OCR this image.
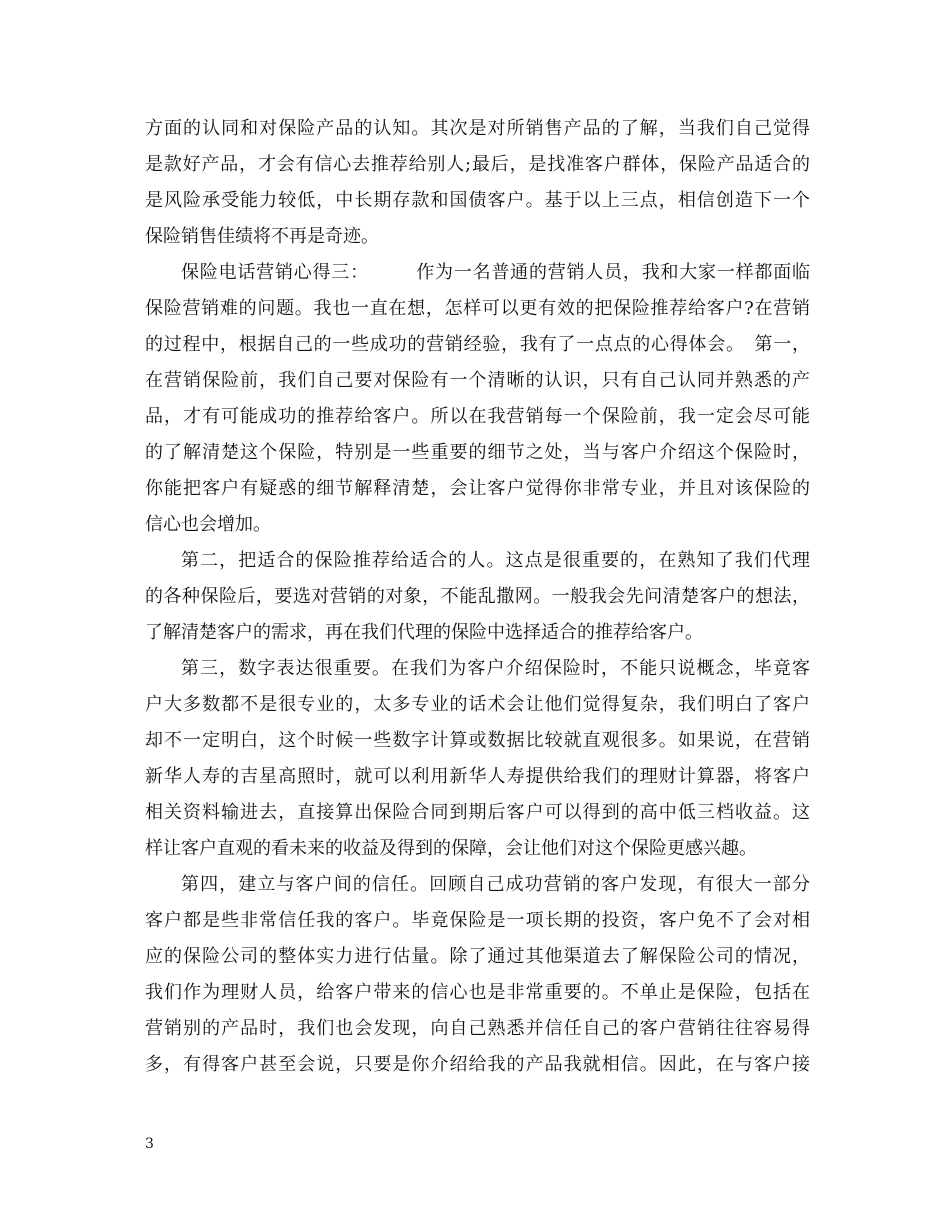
方面的认同和对保险产品的认知。其次是对所销售产品的了解，当我们自己觉得
是款好产品，才会有信心去推荐给别人;最后，是找准客户群体，保险产品适合的
是风险承受能力较低，中长期存款和国债客户。基于以上三点，相信创造下一个
保险销售佳绩将不再是奇迹。
保险电话营销心得三：　　　作为一名普通的营销人员，我和大家一样都面临
保险营销难的问题。我也一直在想，怎样可以更有效的把保险推荐给客户?在营销
的过程中，根据自己的一些成功的营销经验，我有了一点点的心得体会。　第一，
在营销保险前，我们自己要对保险有一个清晰的认识，只有自己认同并熟悉的产
品，才有可能成功的推荐给客户。所以在我营销每一个保险前，我一定会尽可能
的了解清楚这个保险，特别是一些重要的细节之处，当与客户介绍这个保险时，
你能把客户有疑惑的细节解释清楚，会让客户觉得你非常专业，并且对该保险的
信心也会增加。
第二，把适合的保险推荐给适合的人。这点是很重要的，在熟知了我们代理
的各种保险后，要选对营销的对象，不能乱撒网。一般我会先问清楚客户的想法，
了解清楚客户的需求，再在我们代理的保险中选择适合的推荐给客户。
第三，数字表达很重要。在我们为客户介绍保险时，不能只说概念，毕竟客
户大多数都不是很专业的，太多专业的话术会让他们觉得复杂，我们明白了客户
却不一定明白，这个时候一些数字计算或数据比较就直观很多。如果说，在营销
新华人寿的吉星高照时，就可以利用新华人寿提供给我们的理财计算器，将客户
相关资料输进去，直接算出保险合同到期后客户可以得到的高中低三档收益。这
样让客户直观的看未来的收益及得到的保障，会让他们对这个保险更感兴趣。
第四，建立与客户间的信任。回顾自己成功营销的客户发现，有很大一部分
客户都是些非常信任我的客户。毕竟保险是一项长期的投资，客户免不了会对相
应的保险公司的整体实力进行估量。除了通过其他渠道去了解保险公司的情况，
我们作为理财人员，给客户带来的信心也是非常重要的。不单止是保险，包括在
营销别的产品时，我们也会发现，向自己熟悉并信任自己的客户营销往往容易得
多，有得客户甚至会说，只要是你介绍给我的产品我就相信。因此，在与客户接
3
